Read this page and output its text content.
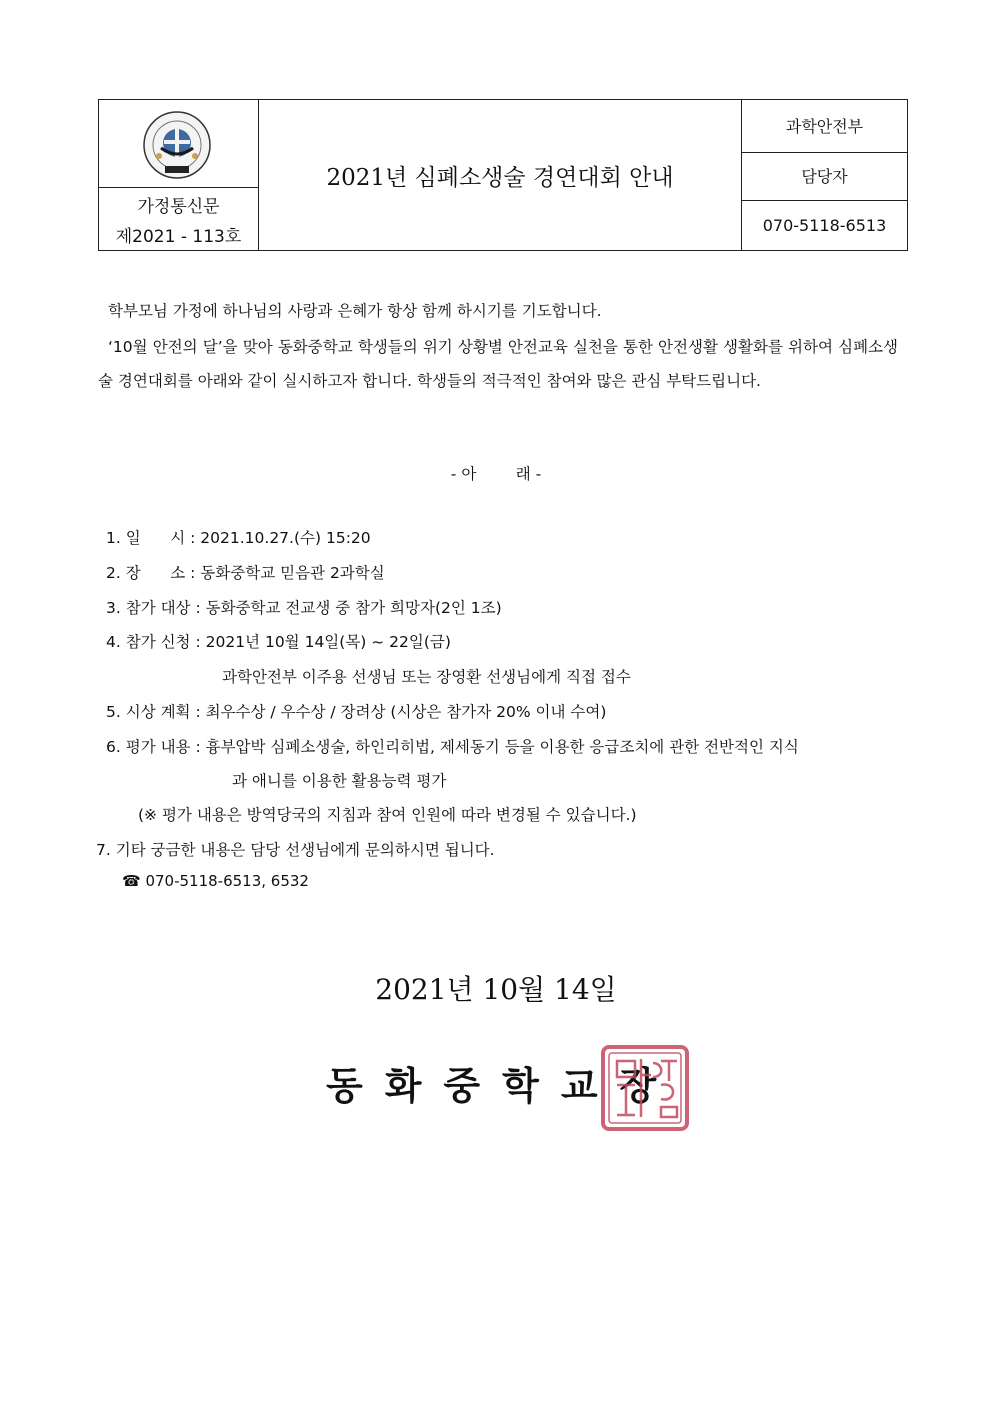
가정통신문
제2021 - 113호
2021년 심폐소생술 경연대회 안내
과학안전부
담당자
070-5118-6513

학부모님 가정에 하나님의 사랑과 은혜가 항상 함께 하시기를 기도합니다.

‘10월 안전의 달’을 맞아 동화중학교 학생들의 위기 상황별 안전교육 실천을 통한 안전생활 생활화를 위하여 심폐소생술 경연대회를 아래와 같이 실시하고자 합니다. 학생들의 적극적인 참여와 많은 관심 부탁드립니다.

- 아        래 -
1. 일      시 : 2021.10.27.(수) 15:20
2. 장      소 : 동화중학교 믿음관 2과학실
3. 참가 대상 : 동화중학교 전교생 중 참가 희망자(2인 1조)
4. 참가 신청 : 2021년 10월 14일(목) ~ 22일(금)
과학안전부 이주용 선생님 또는 장영환 선생님에게 직접 접수
5. 시상 계획 : 최우수상 / 우수상 / 장려상 (시상은 참가자 20% 이내 수여)
6. 평가 내용 : 흉부압박 심폐소생술, 하인리히법, 제세동기 등을 이용한 응급조치에 관한 전반적인 지식
과 애니를 이용한 활용능력 평가
(※ 평가 내용은 방역당국의 지침과 참여 인원에 따라 변경될 수 있습니다.)
7. 기타 궁금한 내용은 담당 선생님에게 문의하시면 됩니다.
☎ 070-5118-6513, 6532
2021년 10월 14일
동화중학교장
